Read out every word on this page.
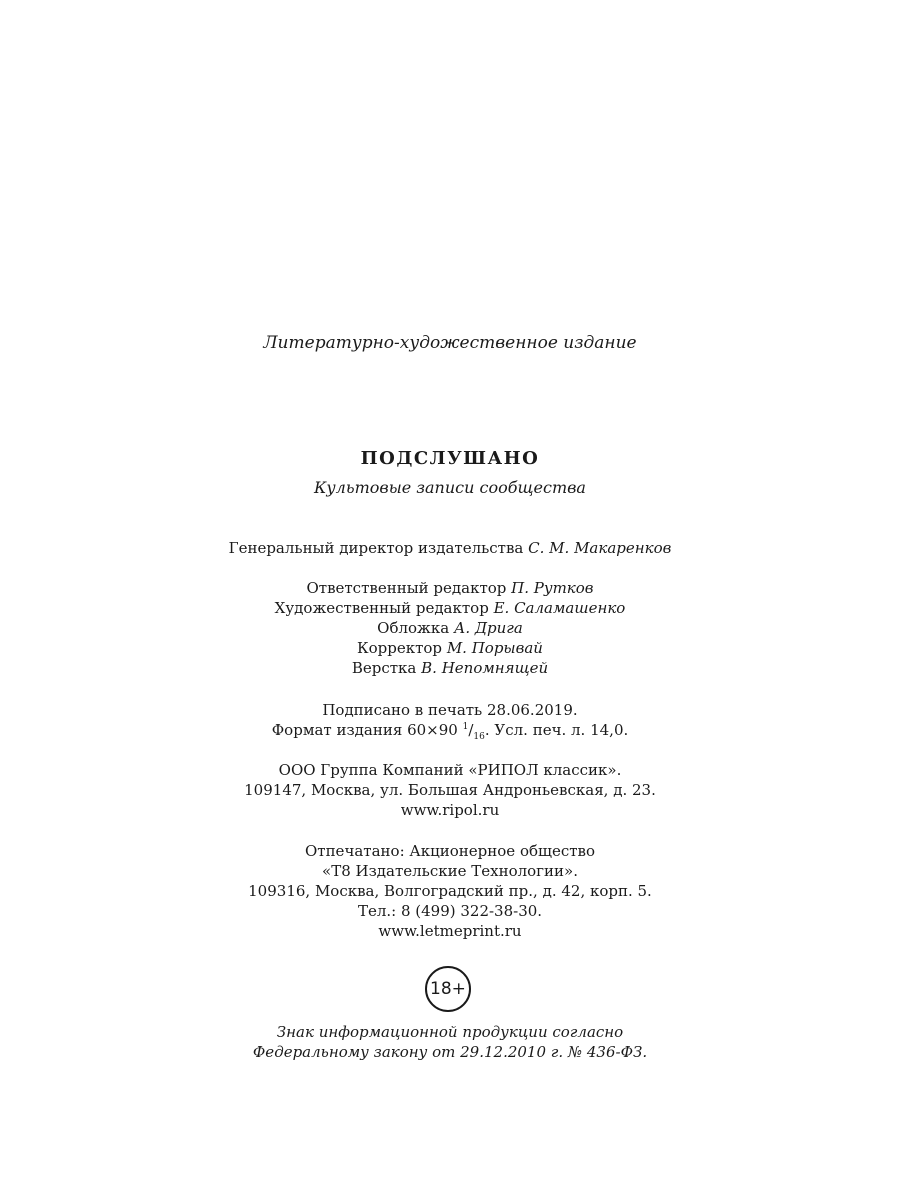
Литературно-художественное издание
ПОДСЛУШАНО
Культовые записи сообщества
Генеральный директор издательства С. М. Макаренков
Ответственный редактор П. Рутков
Художественный редактор Е. Саламашенко
Обложка А. Дрига
Корректор М. Порывай
Верстка В. Непомнящей
Подписано в печать 28.06.2019.
Формат издания 60×90 $^1/_{16}$. Усл. печ. л. 14,0.
ООО Группа Компаний «РИПОЛ классик».
109147, Москва, ул. Большая Андроньевская, д. 23.
www.ripol.ru
Отпечатано: Акционерное общество
«Т8 Издательские Технологии».
109316, Москва, Волгоградский пр., д. 42, корп. 5.
Тел.: 8 (499) 322-38-30.
www.letmeprint.ru
18+
Знак информационной продукции согласно
Федеральному закону от 29.12.2010 г. № 436-ФЗ.
